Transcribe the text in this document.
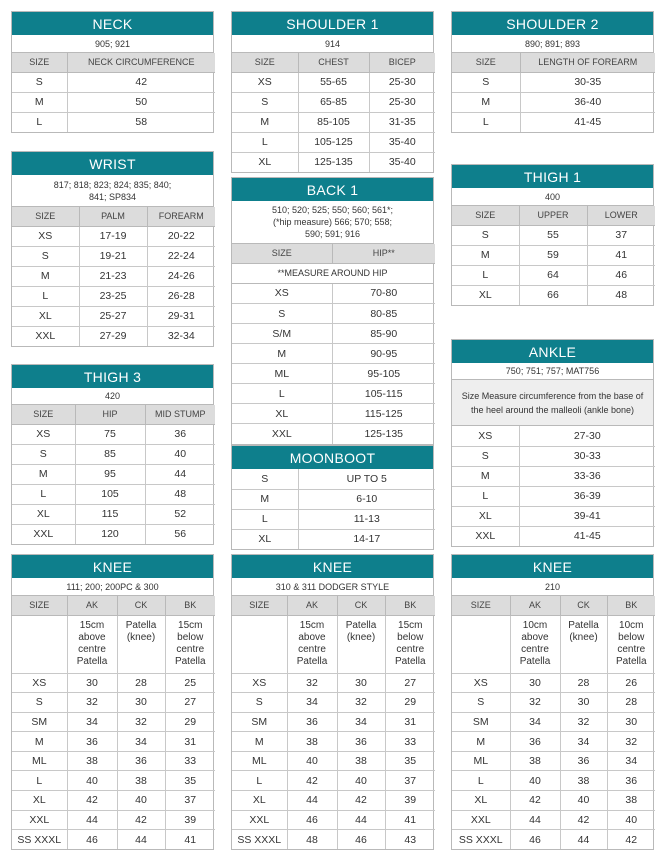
NECK
905; 921
SIZE	NECK CIRCUMFERENCE
S	42
M	50
L	58
SHOULDER 1
914
SIZE	CHEST	BICEP
XS	55-65	25-30
S	65-85	25-30
M	85-105	31-35
L	105-125	35-40
XL	125-135	35-40
SHOULDER 2
890; 891; 893
SIZE	LENGTH OF FOREARM
S	30-35
M	36-40
L	41-45
WRIST
817; 818; 823; 824; 835; 840;
841; SP834
SIZE	PALM	FOREARM
XS	17-19	20-22
S	19-21	22-24
M	21-23	24-26
L	23-25	26-28
XL	25-27	29-31
XXL	27-29	32-34
BACK 1
510; 520; 525; 550; 560; 561*;
(*hip measure) 566; 570; 558;
590; 591; 916
SIZE	HIP**
**MEASURE AROUND HIP
XS	70-80
S	80-85
S/M	85-90
M	90-95
ML	95-105
L	105-115
XL	115-125
XXL	125-135
THIGH 1
400
SIZE	UPPER	LOWER
S	55	37
M	59	41
L	64	46
XL	66	48
THIGH 3
420
SIZE	HIP	MID STUMP
XS	75	36
S	85	40
M	95	44
L	105	48
XL	115	52
XXL	120	56
MOONBOOT
S	UP TO 5
M	6-10
L	11-13
XL	14-17
ANKLE
750; 751; 757; MAT756
Size Measure circumference from the base of
the heel around the malleoli (ankle bone)
XS	27-30
S	30-33
M	33-36
L	36-39
XL	39-41
XXL	41-45
KNEE
111; 200; 200PC & 300
SIZE	AK	CK	BK
	15cm above centre Patella	Patella (knee)	15cm below centre Patella
XS	30	28	25
S	32	30	27
SM	34	32	29
M	36	34	31
ML	38	36	33
L	40	38	35
XL	42	40	37
XXL	44	42	39
SS XXXL	46	44	41
KNEE
310 & 311 DODGER STYLE
SIZE	AK	CK	BK
	15cm above centre Patella	Patella (knee)	15cm below centre Patella
XS	32	30	27
S	34	32	29
SM	36	34	31
M	38	36	33
ML	40	38	35
L	42	40	37
XL	44	42	39
XXL	46	44	41
SS XXXL	48	46	43
KNEE
210
SIZE	AK	CK	BK
	10cm above centre Patella	Patella (knee)	10cm below centre Patella
XS	30	28	26
S	32	30	28
SM	34	32	30
M	36	34	32
ML	38	36	34
L	40	38	36
XL	42	40	38
XXL	44	42	40
SS XXXL	46	44	42
